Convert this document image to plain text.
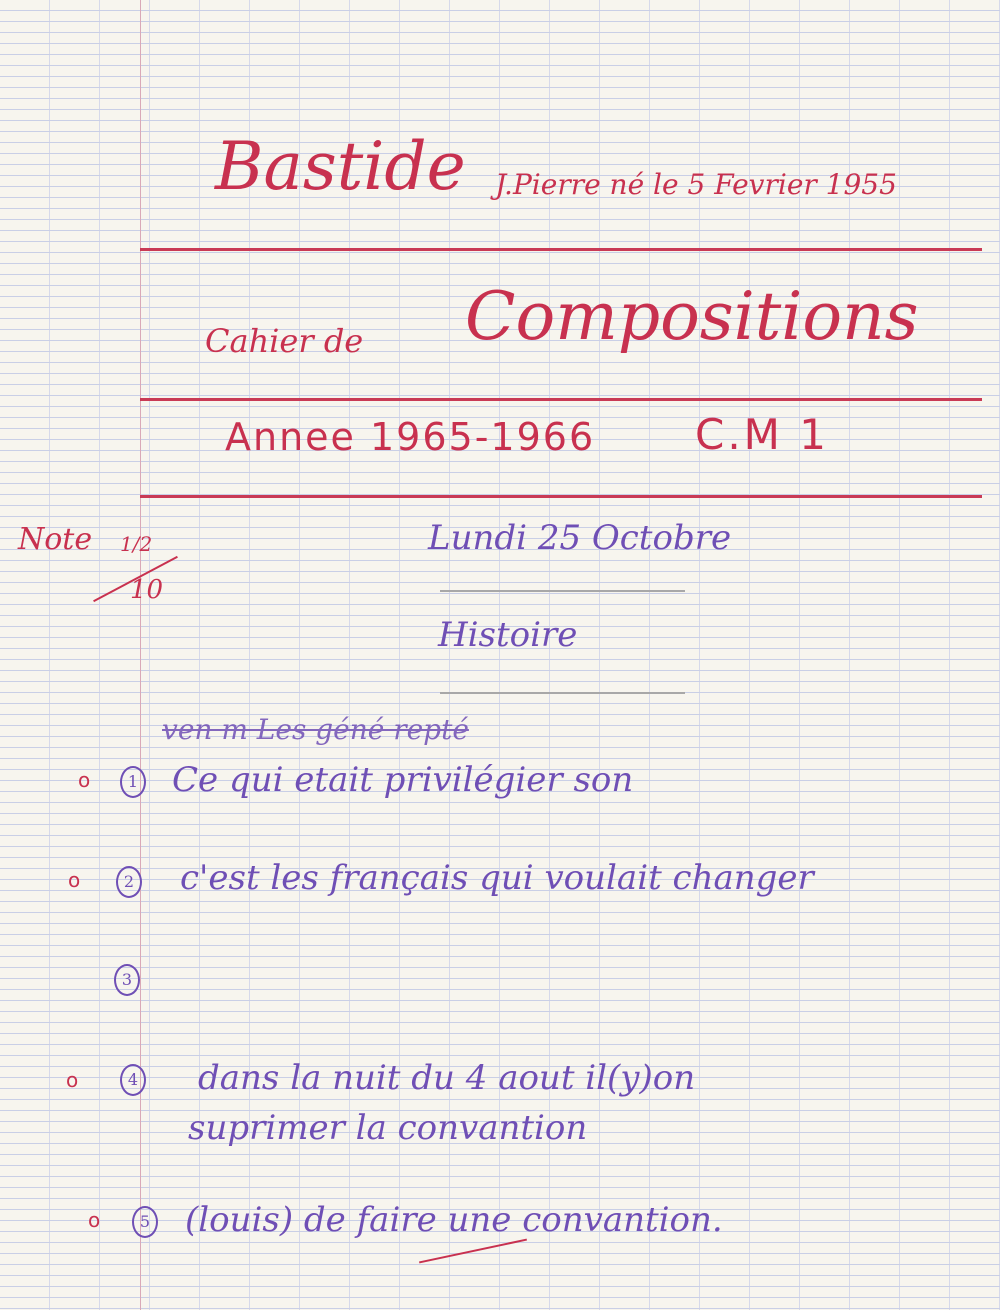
Bastide J.Pierre né le 5 Fevrier 1955
Cahier de Compositions
Annee 1965-1966 C.M 1
Note 1/2
10
Lundi 25 Octobre
Histoire
ven m Les géné repté
o	1 Ce qui etait privilégier son
o	2 c'est les français qui voulait changer
3
o	4 dans la nuit du 4 aout il(y)on
suprimer la convantion
o	5 (louis) de faire une convantion.
